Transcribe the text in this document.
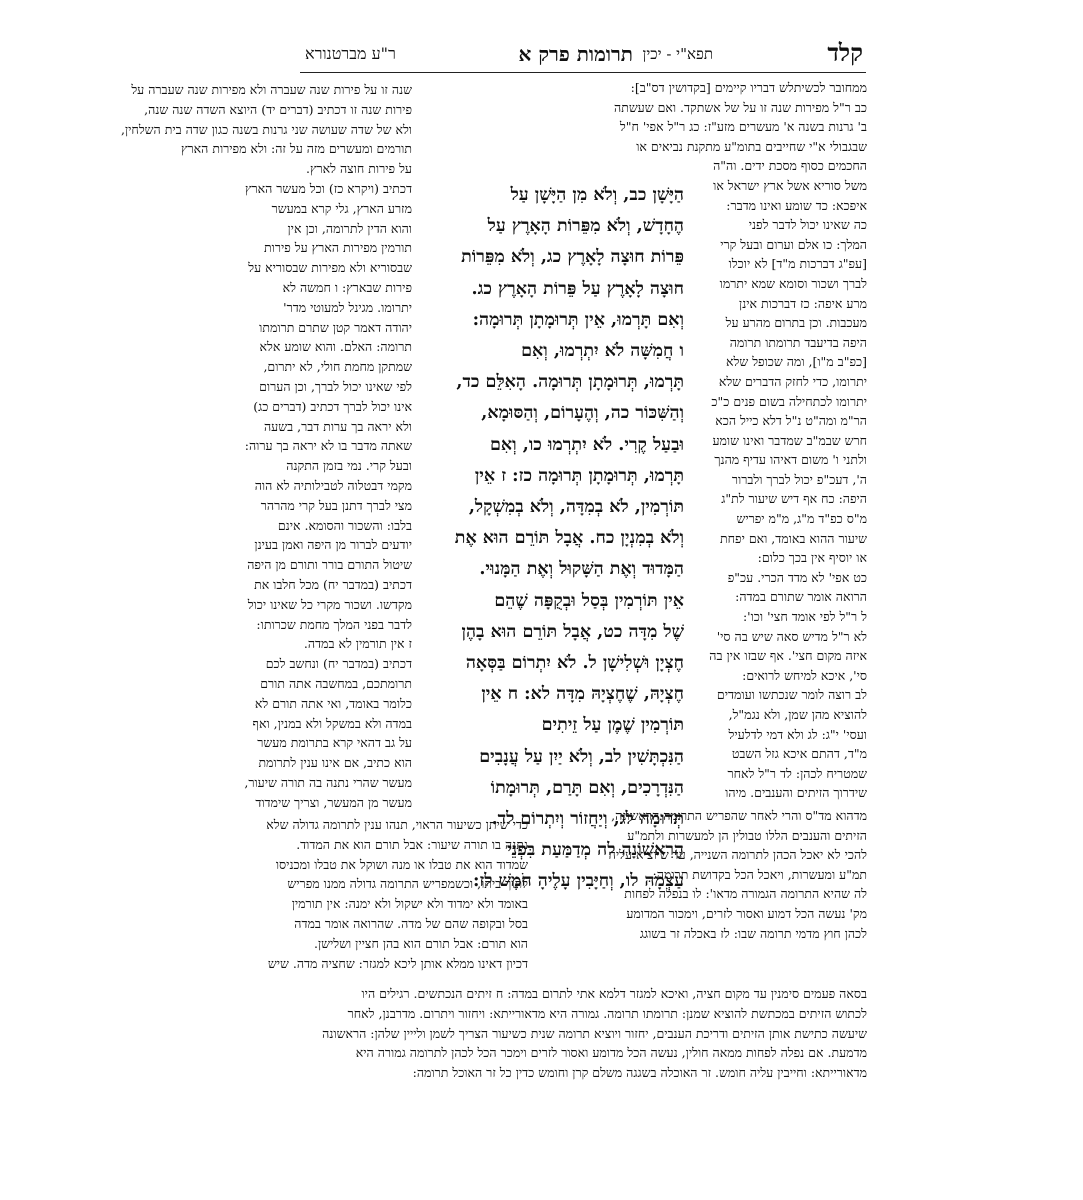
קלד
תפא"י - יכין
תרומות פרק א
ר"ע מברטנורא
ממחובר לכשיתלש דבריו קיימים [בקדושין דס"ב]:
כב ר"ל מפירות שנה זו על של אשתקד. ואם שעשתה
ב' גרנות בשנה א' מעשרים מזע"ז: כג ר"ל אפי' ח"ל
שבגבולי א"י שחייבים בתומ"ע מתקנת נביאים או
החכמים כסוף מסכת ידים. וה"ה
משל סוריא אשל ארץ ישראל או
איפכא: כד שומע ואינו מדבר:
כה שאינו יכול לדבר לפני
המלך: כו אלם וערום ובעל קרי
[עפ"ג דברכות מ"ד] לא יוכלו
לברך ושכור וסומא שמא יתרמו
מרע איפה: כז דברכות אינן
מעכבות. וכן בתרום מהרע על
היפה בדיעבד תרומתו תרומה
[כפ"ב מ"ו], ומה שכופל שלא
יתרומו, כדי לחזק הדברים שלא
יתרומו לכתחילה בשום פנים כ"כ
הר"מ ומה"ט נ"ל דלא כייל הכא
חרש שבמ"ב שמדבר ואינו שומע
ולתני ו' משום דאיהו עדיף מהנך
ה', דעכ"פ יכול לברך ולברור
היפה: כח אף דיש שיעור לת"ג
מ"ס כפ"ד מ"ג, מ"מ יפריש
שיעור ההוא באומד, ואם יפחת
או יוסיף אין בכך כלום:
כט אפי' לא מדד הכרי. עכ"פ
הרואה אומר שתורם במדה:
ל ר"ל לפי אומד חצי' וכו':
לא ר"ל מדיש סאה שיש בה סי'
איזה מקום חצי'. אף שבזו אין בה
סי', איכא למיחש לרואים:
לב רוצה לומר שנכתשו ועומדים
להוציא מהן שמן, ולא נגמ"ל,
ועסי' י"ג: לג ולא דמי לדלעיל
מ"ד, דהתם איכא גזל השבט
שמטריח לכהן: לד ר"ל לאחר
שידרוך הזיתים והענבים. מיהו
מדהוא מד"ס והרי לאחר שהפריש התרומה הראשונה,
הזיתים והענבים הללו טבולין הן למעשרות ולתמ"ע
להכי לא יאכל הכהן לתרומה השנייה, עד שיוציא עליה
תמ"ע ומעשרות, ויאכל הכל בקדושת תרומה:
לה שהיא התרומה הגמורה מדאו': לו בנפלה לפחות
מק' נעשה הכל דמוע ואסור לזרים, וימכור המדומע
לכהן חוץ מדמי תרומה שבו: לז באכלה זר בשוגג
הַיָּשָׁן כב, וְלֹא מִן הַיָּשָׁן עַל
הֶחָדָשׁ, וְלֹא מִפֵּרוֹת הָאָרֶץ עַל
פֵּרוֹת חוּצָה לָאָרֶץ כג, וְלֹא מִפֵּרוֹת
חוּצָה לָאָרֶץ עַל פֵּרוֹת הָאָרֶץ כג.
וְאִם תָּרְמוּ, אֵין תְּרוּמָתָן תְּרוּמָה:
ו חֲמִשָּׁה לֹא יִתְרְמוּ, וְאִם
תָּרְמוּ, תְּרוּמָתָן תְּרוּמָה. הָאִלֵּם כד,
וְהַשִּׁכּוֹר כה, וְהֶעָרוֹם, וְהַסּוּמָא,
וּבַעַל קֶרִי. לֹא יִתְרְמוּ כו, וְאִם
תָּרְמוּ, תְּרוּמָתָן תְּרוּמָה כז: ז אֵין
תּוֹרְמִין, לֹא בְמִדָּה, וְלֹא בְמִשְׁקָל,
וְלֹא בְמִנְיָן כח. אֲבָל תּוֹרֵם הוּא אֶת
הַמָּדוּד וְאֶת הַשָּׁקוּל וְאֶת הַמָּנוּי.
אֵין תּוֹרְמִין בְּסַל וּבְקֻפָּה שֶׁהֵם
שֶׁל מִדָּה כט, אֲבָל תּוֹרֵם הוּא בָהֶן
חֶצְיָן וּשְׁלִישָׁן ל. לֹא יִתְרוֹם בַּסְּאָה
חֶצְיָהּ, שֶׁחֶצְיָהּ מִדָּה לא: ח אֵין
תּוֹרְמִין שֶׁמֶן עַל זֵיתִים
הַנִּכְתָּשִׁין לב, וְלֹא יַיִן עַל עֲנָבִים
הַנִּדְרָכִים, וְאִם תָּרַם, תְּרוּמָתוֹ
תְּרוּמָה לג, וְיַחֲזוֹר וְיִתְרוֹם לד.
הָרִאשׁוֹנָה לה מְדַמַּעַת בִּפְנֵי
עַצְמָהּ לו, וְחַיָּבִין עָלֶיהָ חֹמֶשׁ לז:
שנה זו על פירות שנה שעברה ולא מפירות שנה שעברה על
פירות שנה זו דכתיב (דברים יד) היוצא השדה שנה שנה,
ולא של שדה שעושה שני גרנות בשנה כגון שדה בית השלחין,
תורמים ומעשרים מזה על זה: ולא מפירות הארץ
על פירות חוצה לארץ.
דכתיב (ויקרא כז) וכל מעשר הארץ
מזרע הארץ, גלי קרא במעשר
והוא הדין לתרומה, וכן אין
תורמין מפירות הארץ על פירות
שבסוריא ולא מפירות שבסוריא על
פירות שבארץ: ו חמשה לא
יתרומו. מגינל למעוטי מדר'
יהודה דאמר קטן שתרם תרומתו
תרומה: האלם. והוא שומע אלא
שמתקן מחמת חולי, לא יתרום,
לפי שאינו יכול לברך, וכן הערום
אינו יכול לברך דכתיב (דברים כג)
ולא יראה בך ערות דבר, בשעה
שאתה מדבר בו לא יראה בך ערוה:
ובעל קרי. נמי בזמן התקנה
מקמי דבטלוה לטבילותיה לא הוה
מצי לברך דתנן בעל קרי מהרהר
בלבו: והשכור והסומא. אינם
יודעים לברור מן היפה ואמן בעינן
שיטול התורם בורר ותורם מן היפה
דכתיב (במדבר יח) מכל חלבו את
מקדשו. ושכור מקרי כל שאינו יכול
לדבר בפני המלך מחמת שכרותו:
ז אין תורמין לא במדה.
דכתיב (במדבר יח) ונחשב לכם
תרומתכם, במחשבה אתה תורם
כלומר באומד, ואי אתה תורם לא
במדה ולא במשקל ולא במנין, ואף
על גב דהאי קרא בתרומת מעשר
הוא כתיב, אם אינו ענין לתרומת
מעשר שהרי נתנה בה תורה שיעור,
מעשר מן המעשר, וצריך שימדוד
כדי שיתן כשיעור הראוי, תנהו ענין לתרומה גדולה שלא
נתנה בו תורה שיעור: אבל תורם הוא את המדוד.
שמדוד הוא את טבלו או מנה ושוקל את טבלו ומכניסו
לתוך ביתו, וכשמפריש התרומה גדולה ממנו מפריש
באומד ולא ימדוד ולא ישקול ולא ימנה: אין תורמין
בסל ובקופה שהם של מדה. שהרואה אומר במדה
הוא תורם: אבל תורם הוא בהן חציין ושלישן.
דכיון דאינו ממלא אותן ליכא למגזר: שחציה מדה. שיש
בסאה פעמים סימנין עד מקום חציה, ואיכא למגזר דלמא אתי לתרום במדה: ח זיתים הנכתשים. רגילים היו
לכתוש הזיתים במכתשת להוציא שמנן: תרומתו תרומה. גמורה היא מדאורייתא: ויחזור ויתרום. מדרבנן, לאחר
שיעשה כתישת אותן הזיתים ודריכת הענבים, יחזור ויוציא תרומה שנית כשיעור הצריך לשמן ולייין שלהן: הראשונה
מדמעת. אם נפלה לפחות ממאה חולין, נעשה הכל מדומע ואסור לזרים וימכר הכל לכהן לתרומה גמורה היא
מדאורייתא: וחייבין עליה חומש. זר האוכלה בשגגה משלם קרן וחומש כדין כל זר האוכל תרומה:
